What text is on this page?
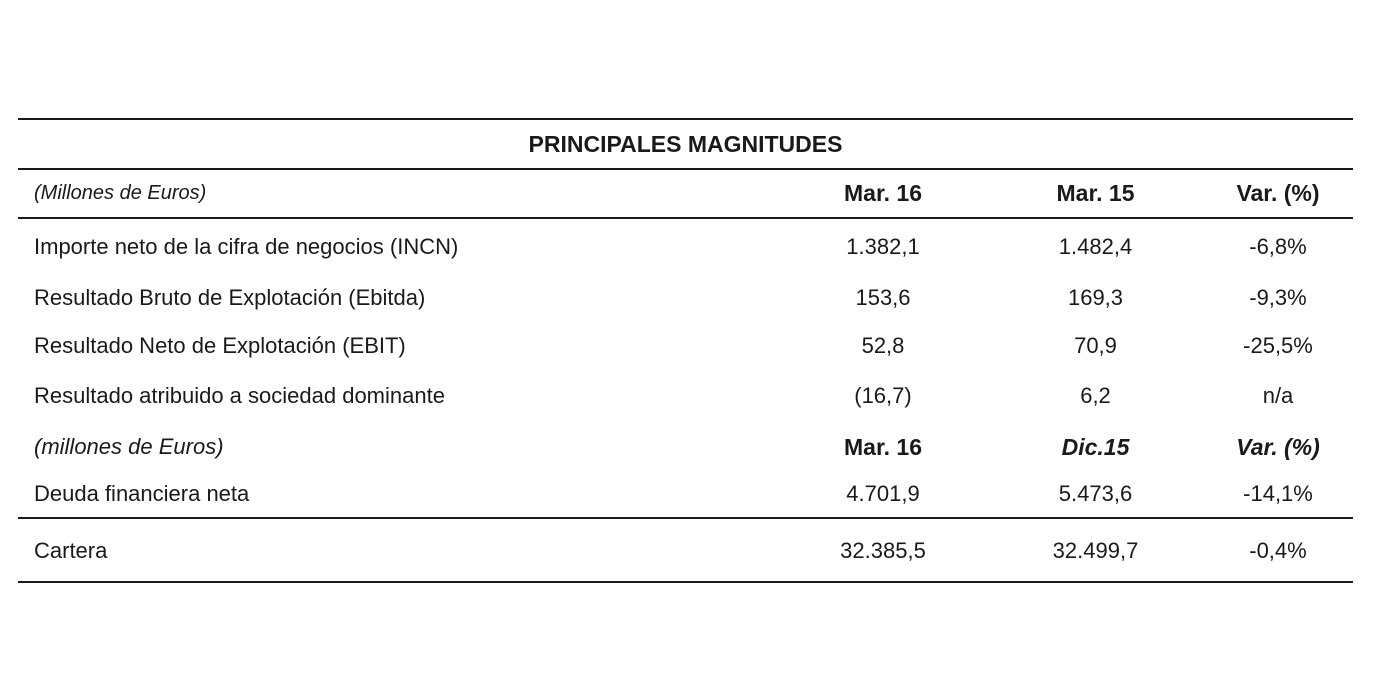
PRINCIPALES MAGNITUDES
(Millones de Euros)	Mar. 16	Mar. 15	Var. (%)
Importe neto de la cifra de negocios (INCN)	1.382,1	1.482,4	-6,8%
Resultado Bruto de Explotación (Ebitda)	153,6	169,3	-9,3%
Resultado Neto de Explotación (EBIT)	52,8	70,9	-25,5%
Resultado atribuido a sociedad dominante	(16,7)	6,2	n/a
(millones de Euros)	Mar. 16	Dic.15	Var. (%)
Deuda financiera neta	4.701,9	5.473,6	-14,1%
Cartera	32.385,5	32.499,7	-0,4%
